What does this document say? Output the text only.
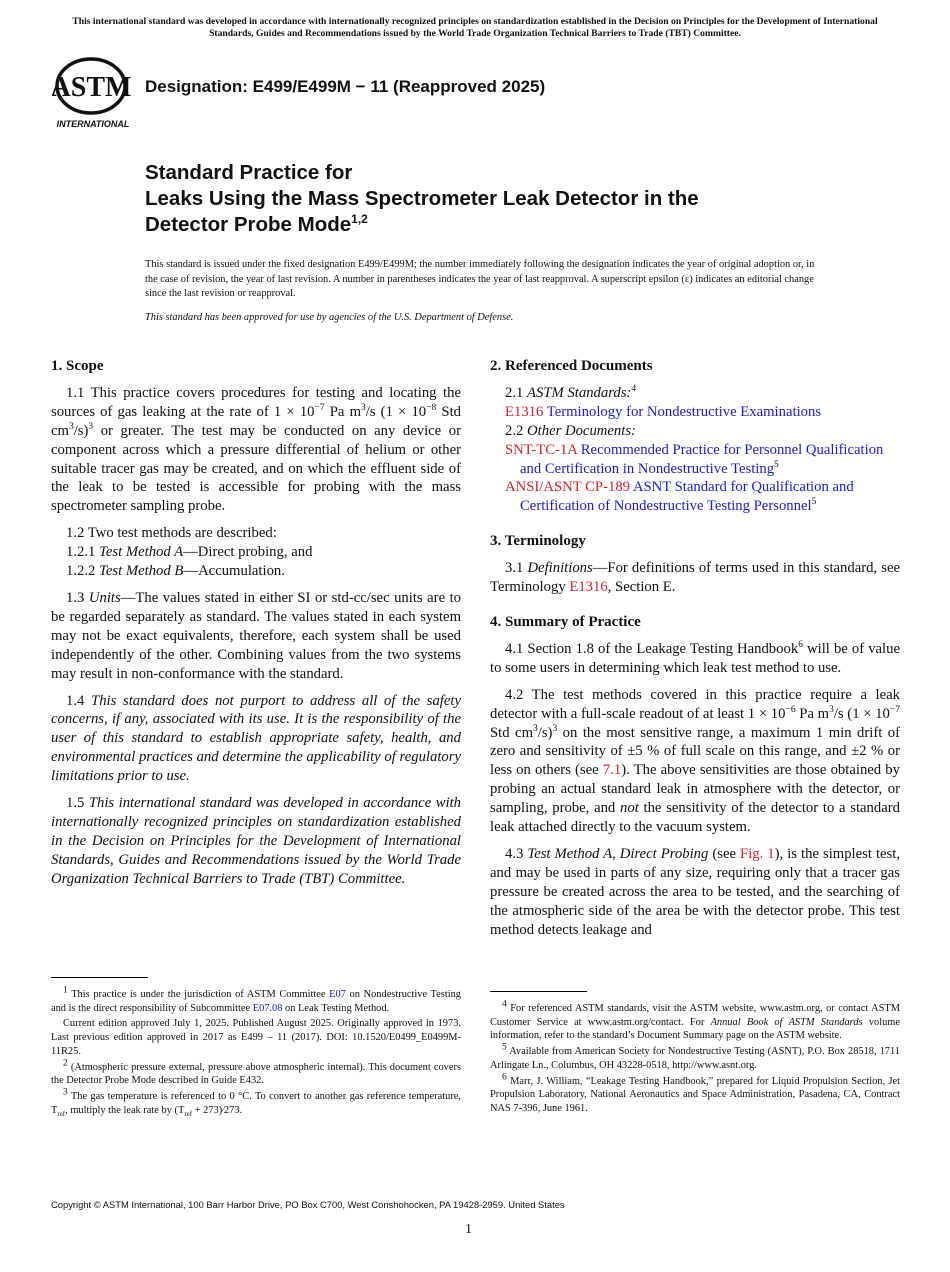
This international standard was developed in accordance with internationally recognized principles on standardization established in the Decision on Principles for the Development of International Standards, Guides and Recommendations issued by the World Trade Organization Technical Barriers to Trade (TBT) Committee.
ASTM
INTERNATIONAL
Designation: E499/E499M − 11 (Reapproved 2025)
Standard Practice for
Leaks Using the Mass Spectrometer Leak Detector in the
Detector Probe Mode$^{1,2}$
This standard is issued under the fixed designation E499/E499M; the number immediately following the designation indicates the year of original adoption or, in the case of revision, the year of last revision. A number in parentheses indicates the year of last reapproval. A superscript epsilon (ε) indicates an editorial change since the last revision or reapproval.
This standard has been approved for use by agencies of the U.S. Department of Defense.
1. Scope

1.1 This practice covers procedures for testing and locating the sources of gas leaking at the rate of $1 \times 10^{-7}$ Pa $m^3/s$ ($1 \times 10^{-8}$ Std $cm^3/s)^3$ or greater. The test may be conducted on any device or component across which a pressure differential of helium or other suitable tracer gas may be created, and on which the effluent side of the leak to be tested is accessible for probing with the mass spectrometer sampling probe.

1.2 Two test methods are described:

1.2.1 Test Method A—Direct probing, and

1.2.2 Test Method B—Accumulation.

1.3 Units—The values stated in either SI or std-cc/sec units are to be regarded separately as standard. The values stated in each system may not be exact equivalents, therefore, each system shall be used independently of the other. Combining values from the two systems may result in non-conformance with the standard.

1.4 This standard does not purport to address all of the safety concerns, if any, associated with its use. It is the responsibility of the user of this standard to establish appropriate safety, health, and environmental practices and determine the applicability of regulatory limitations prior to use.

1.5 This international standard was developed in accordance with internationally recognized principles on standardization established in the Decision on Principles for the Development of International Standards, Guides and Recommendations issued by the World Trade Organization Technical Barriers to Trade (TBT) Committee.

2. Referenced Documents

2.1 ASTM Standards:$^4$

E1316 Terminology for Nondestructive Examinations

2.2 Other Documents:

SNT-TC-1A Recommended Practice for Personnel Qualification and Certification in Nondestructive Testing$^5$

ANSI/ASNT CP-189 ASNT Standard for Qualification and Certification of Nondestructive Testing Personnel$^5$

3. Terminology

3.1 Definitions—For definitions of terms used in this standard, see Terminology E1316, Section E.

4. Summary of Practice

4.1 Section 1.8 of the Leakage Testing Handbook$^6$ will be of value to some users in determining which leak test method to use.

4.2 The test methods covered in this practice require a leak detector with a full-scale readout of at least $1 \times 10^{-6}$ Pa $m^3/s$ ($1 \times 10^{-7}$ Std $cm^3/s)^3$ on the most sensitive range, a maximum 1 min drift of zero and sensitivity of ±5 % of full scale on this range, and ±2 % or less on others (see 7.1). The above sensitivities are those obtained by probing an actual standard leak in atmosphere with the detector, or sampling, probe, and not the sensitivity of the detector to a standard leak attached directly to the vacuum system.

4.3 Test Method A, Direct Probing (see Fig. 1), is the simplest test, and may be used in parts of any size, requiring only that a tracer gas pressure be created across the area to be tested, and the searching of the atmospheric side of the area be with the detector probe. This test method detects leakage and

$^1$ This practice is under the jurisdiction of ASTM Committee E07 on Nondestructive Testing and is the direct responsibility of Subcommittee E07.08 on Leak Testing Method.

Current edition approved July 1, 2025. Published August 2025. Originally approved in 1973. Last previous edition approved in 2017 as E499 – 11 (2017). DOI: 10.1520/E0499_E0499M-11R25.

$^2$ (Atmospheric pressure external, pressure above atmospheric internal). This document covers the Detector Probe Mode described in Guide E432.

$^3$ The gas temperature is referenced to 0 °C. To convert to another gas reference temperature, $T_{ref}$, multiply the leak rate by ($T_{ref}$ + 273)⁄273.

$^4$ For referenced ASTM standards, visit the ASTM website, www.astm.org, or contact ASTM Customer Service at www.astm.org/contact. For Annual Book of ASTM Standards volume information, refer to the standard’s Document Summary page on the ASTM website.

$^5$ Available from American Society for Nondestructive Testing (ASNT), P.O. Box 28518, 1711 Arlingate Ln., Columbus, OH 43228-0518, http://www.asnt.org.

$^6$ Marr, J. William, “Leakage Testing Handbook,” prepared for Liquid Propulsion Section, Jet Propulsion Laboratory, National Aeronautics and Space Administration, Pasadena, CA, Contract NAS 7-396, June 1961.

Copyright © ASTM International, 100 Barr Harbor Drive, PO Box C700, West Conshohocken, PA 19428-2959. United States
1
